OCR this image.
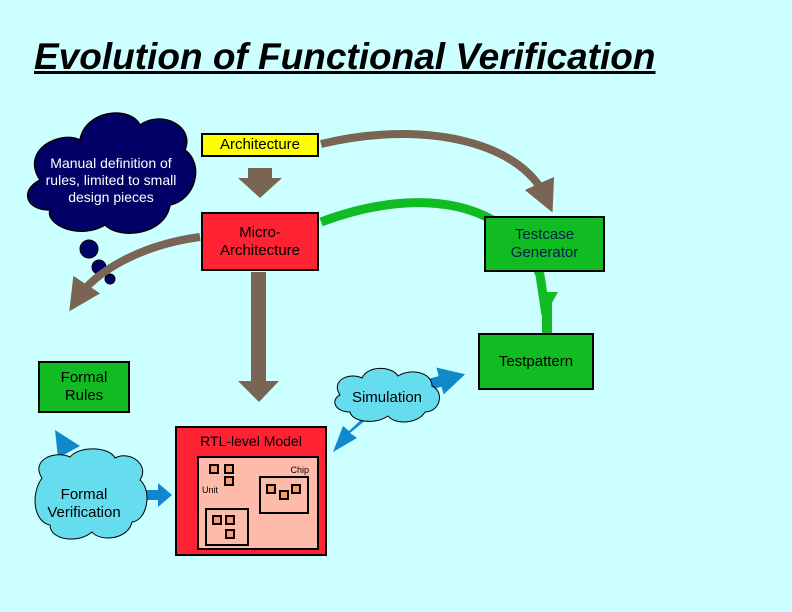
Evolution of Functional Verification
Manual definition of
rules, limited to small
design pieces
Architecture
Micro-
Architecture
Testcase
Generator
Testpattern
Formal
Rules	Simulation
Formal
Verification
RTL-level Model
Chip
Unit
